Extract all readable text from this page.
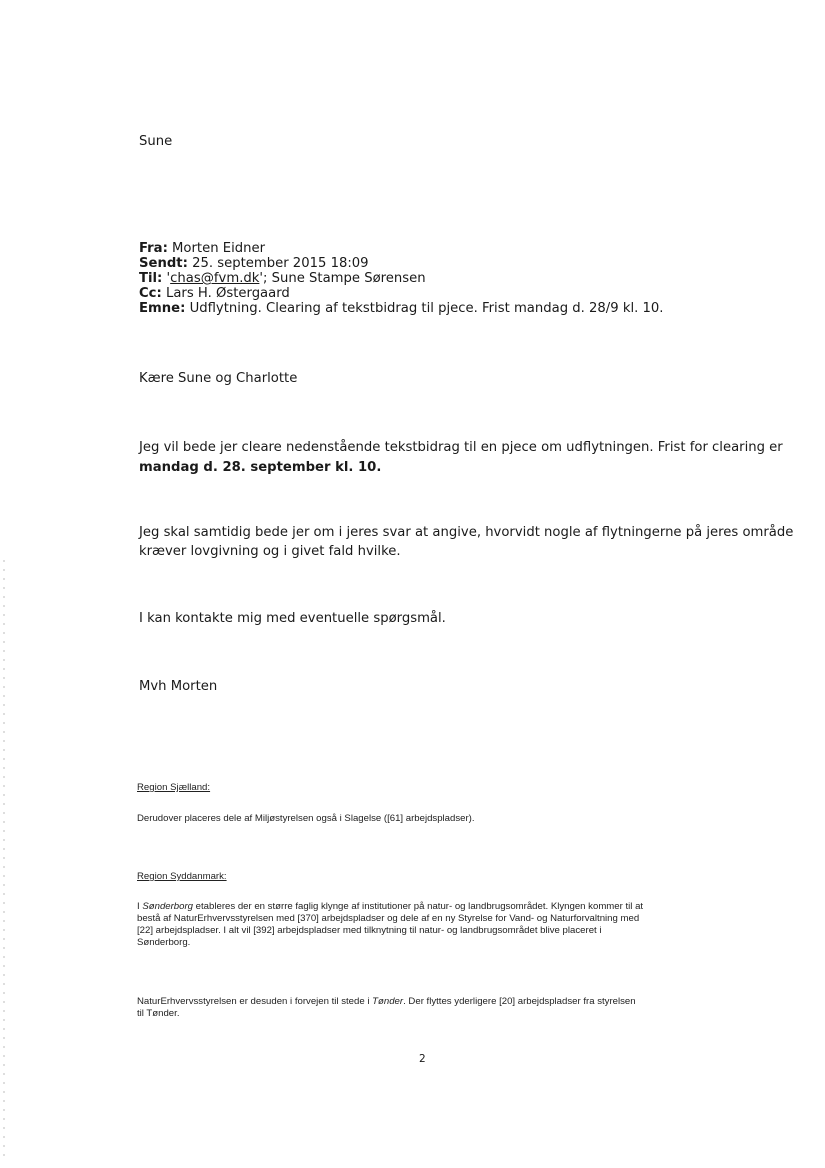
Sune
Fra: Morten Eidner
Sendt: 25. september 2015 18:09
Til: 'chas@fvm.dk'; Sune Stampe Sørensen
Cc: Lars H. Østergaard
Emne: Udflytning. Clearing af tekstbidrag til pjece. Frist mandag d. 28/9 kl. 10.
Kære Sune og Charlotte
Jeg vil bede jer cleare nedenstående tekstbidrag til en pjece om udflytningen. Frist for clearing er
mandag d. 28. september kl. 10.
Jeg skal samtidig bede jer om i jeres svar at angive, hvorvidt nogle af flytningerne på jeres område
kræver lovgivning og i givet fald hvilke.
I kan kontakte mig med eventuelle spørgsmål.
Mvh Morten
Region Sjælland:
Derudover placeres dele af Miljøstyrelsen også i Slagelse ([61] arbejdspladser).
Region Syddanmark:
I Sønderborg etableres der en større faglig klynge af institutioner på natur- og landbrugsområdet. Klyngen kommer til at
bestå af NaturErhvervsstyrelsen med [370] arbejdspladser og dele af en ny Styrelse for Vand- og Naturforvaltning med
[22] arbejdspladser. I alt vil [392] arbejdspladser med tilknytning til natur- og landbrugsområdet blive placeret i
Sønderborg.
NaturErhvervsstyrelsen er desuden i forvejen til stede i Tønder. Der flyttes yderligere [20] arbejdspladser fra styrelsen
til Tønder.
2
